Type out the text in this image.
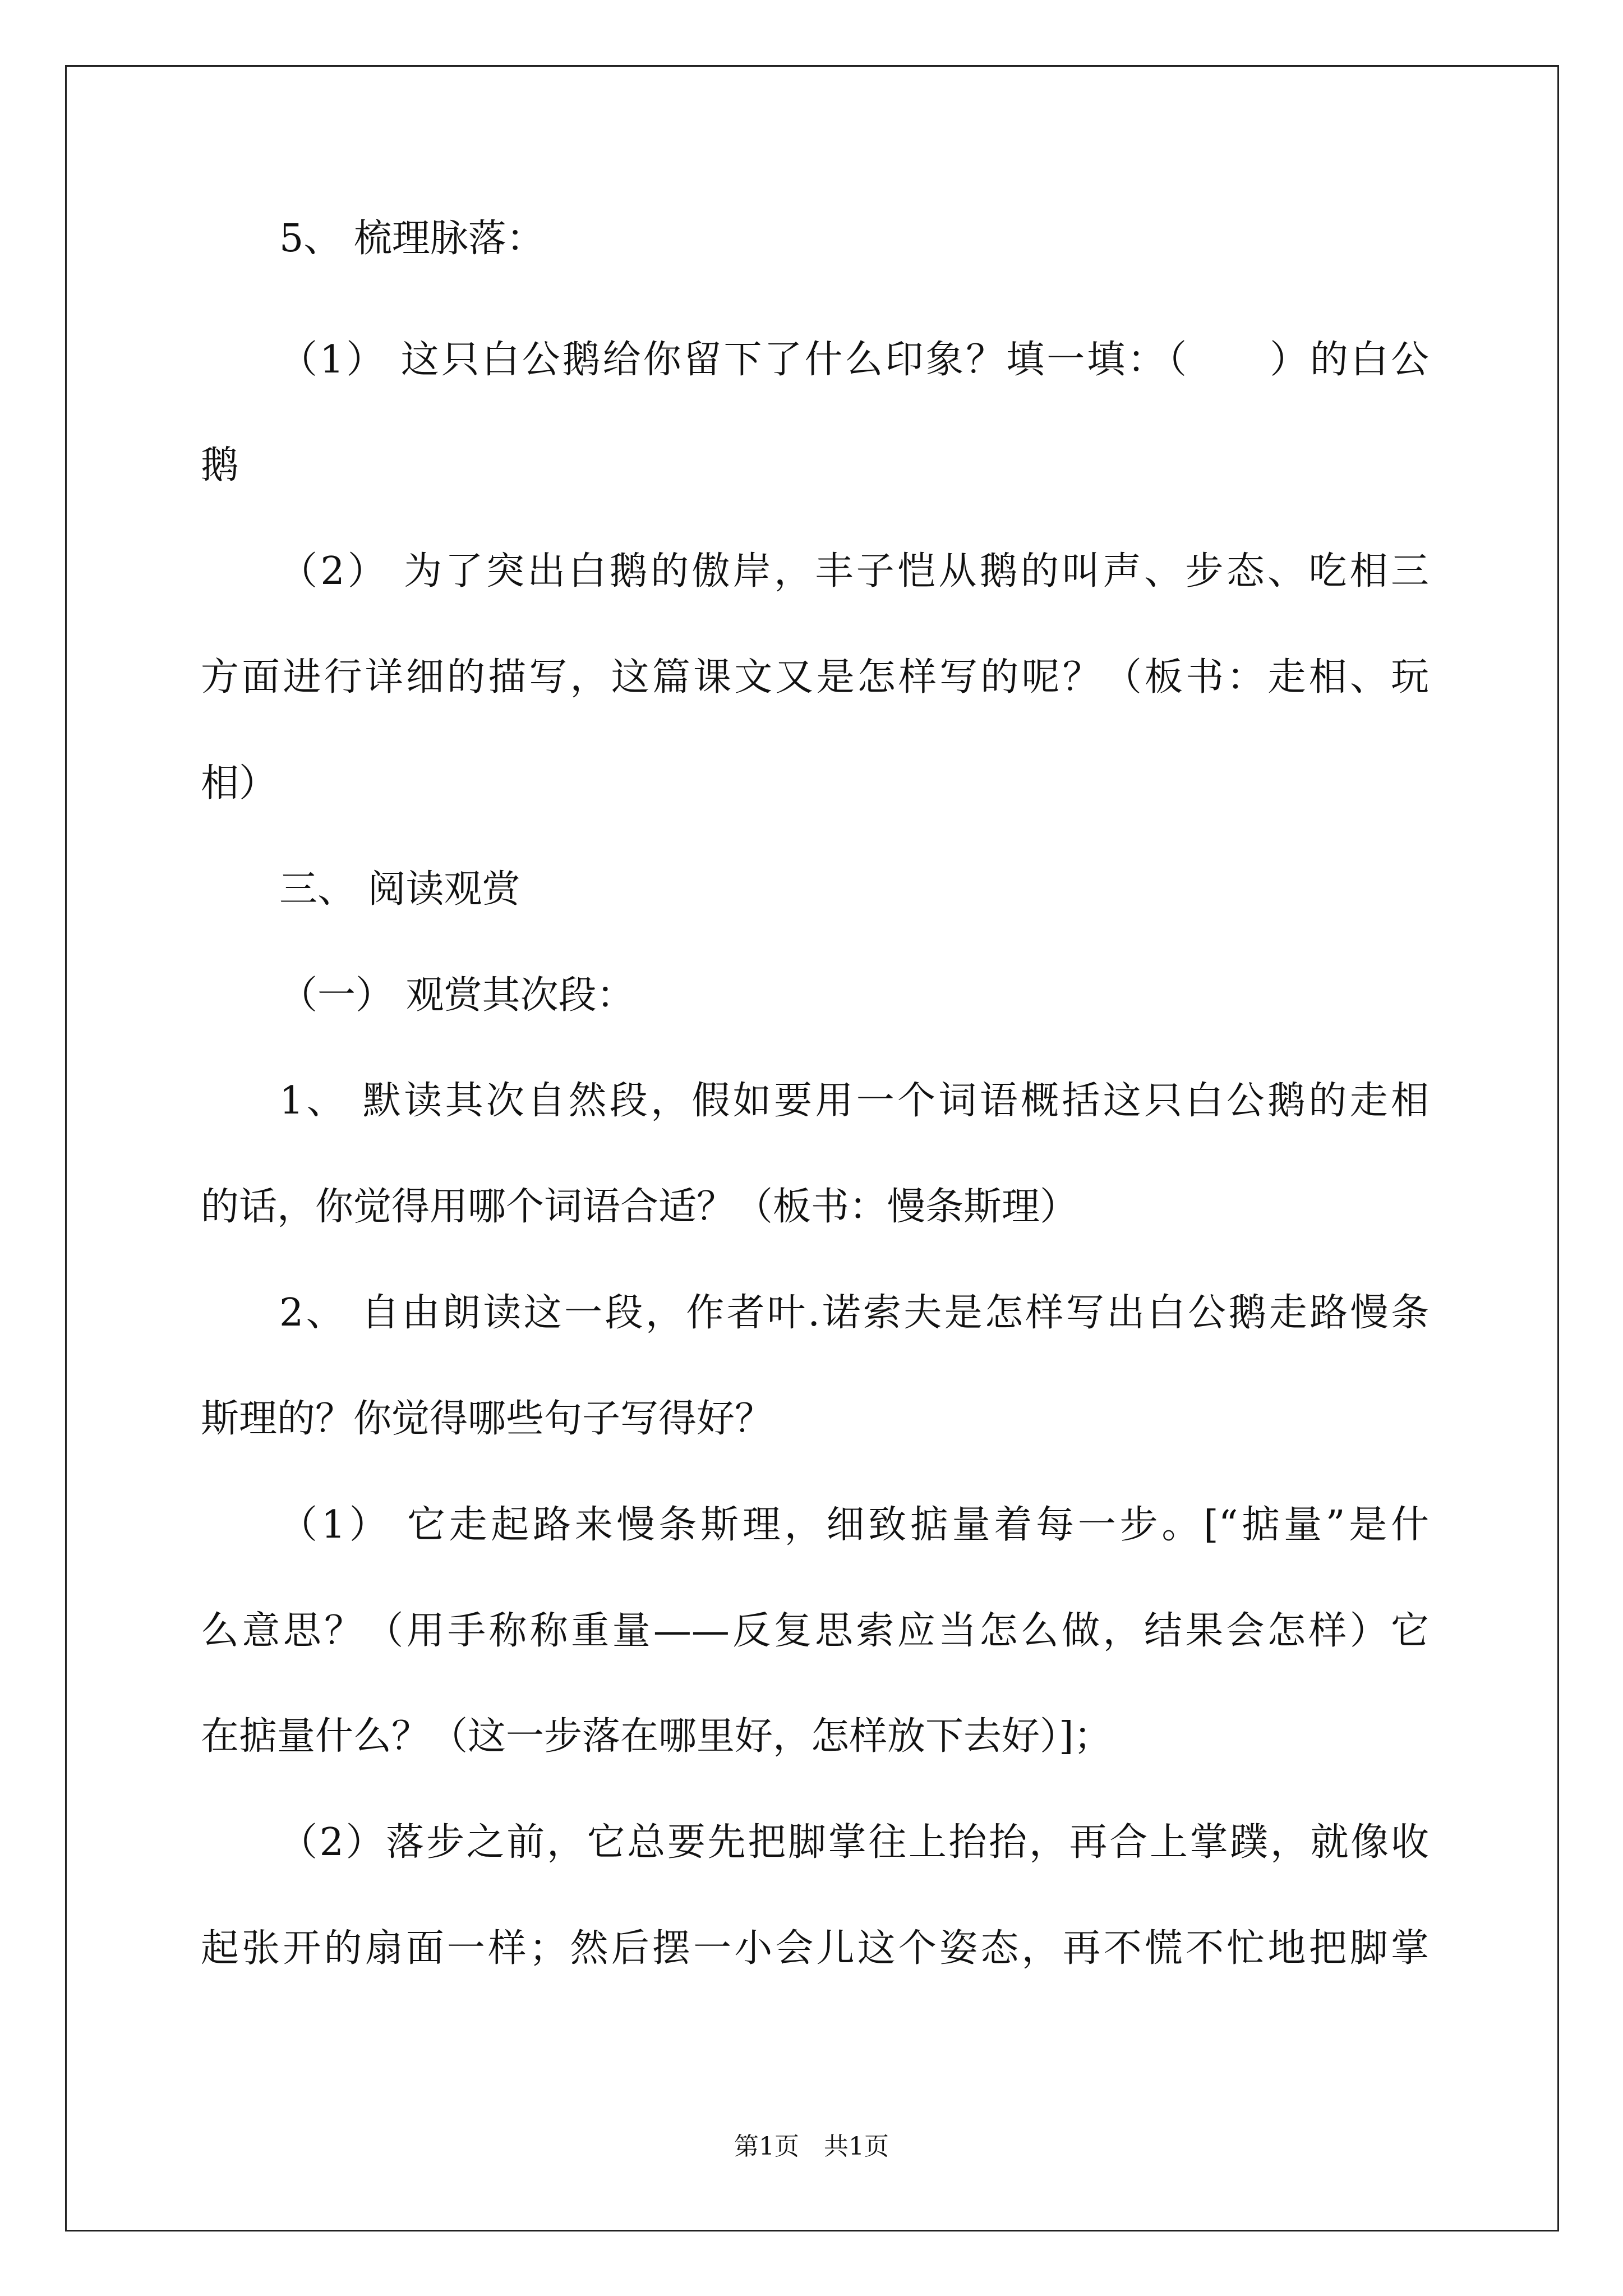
5、 梳理脉落：
（1） 这只白公鹅给你留下了什么印象？填一填：（　　）的白公
鹅
（2） 为了突出白鹅的傲岸，丰子恺从鹅的叫声、步态、吃相三
方面进行详细的描写，这篇课文又是怎样写的呢？（板书：走相、玩
相）
三、 阅读观赏
（一） 观赏其次段：
1、 默读其次自然段，假如要用一个词语概括这只白公鹅的走相
的话，你觉得用哪个词语合适？（板书：慢条斯理）
2、 自由朗读这一段，作者叶.诺索夫是怎样写出白公鹅走路慢条
斯理的？你觉得哪些句子写得好？
（1） 它走起路来慢条斯理，细致掂量着每一步。[“掂量”是什
么意思？（用手称称重量——反复思索应当怎么做，结果会怎样）它
在掂量什么？（这一步落在哪里好，怎样放下去好）]；
（2）落步之前，它总要先把脚掌往上抬抬，再合上掌蹼，就像收
起张开的扇面一样；然后摆一小会儿这个姿态，再不慌不忙地把脚掌
第1页　共1页
